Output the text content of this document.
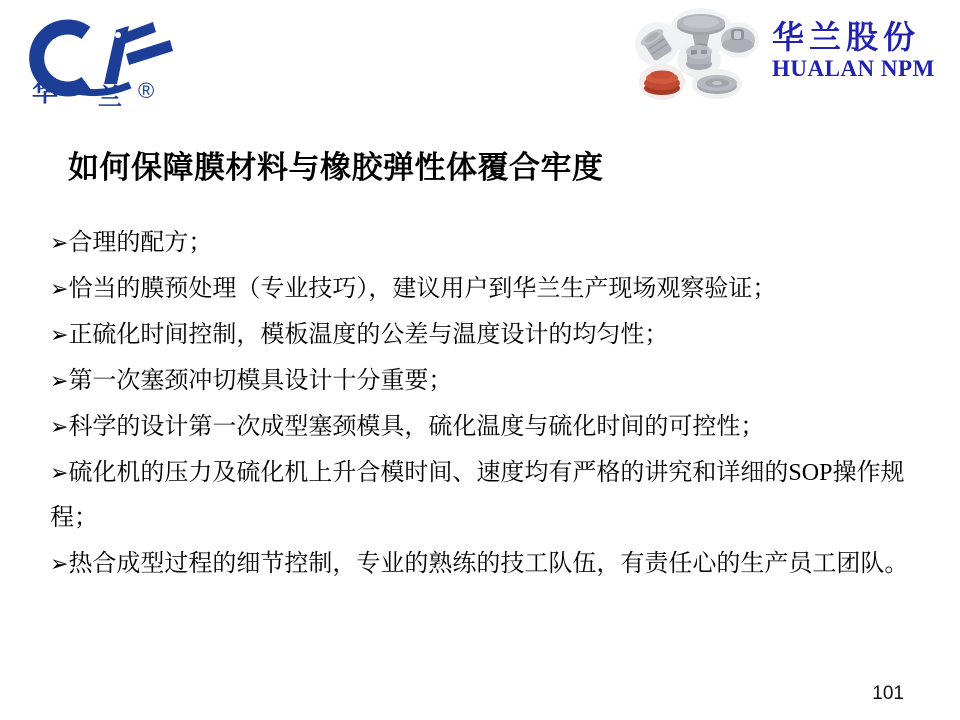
华 兰 ®
华兰股份
HUALAN NPM
如何保障膜材料与橡胶弹性体覆合牢度
➢合理的配方；
➢恰当的膜预处理（专业技巧），建议用户到华兰生产现场观察验证；
➢正硫化时间控制，模板温度的公差与温度设计的均匀性；
➢第一次塞颈冲切模具设计十分重要；
➢科学的设计第一次成型塞颈模具，硫化温度与硫化时间的可控性；
➢硫化机的压力及硫化机上升合模时间、速度均有严格的讲究和详细的SOP操作规程；
➢热合成型过程的细节控制，专业的熟练的技工队伍，有责任心的生产员工团队。
101
